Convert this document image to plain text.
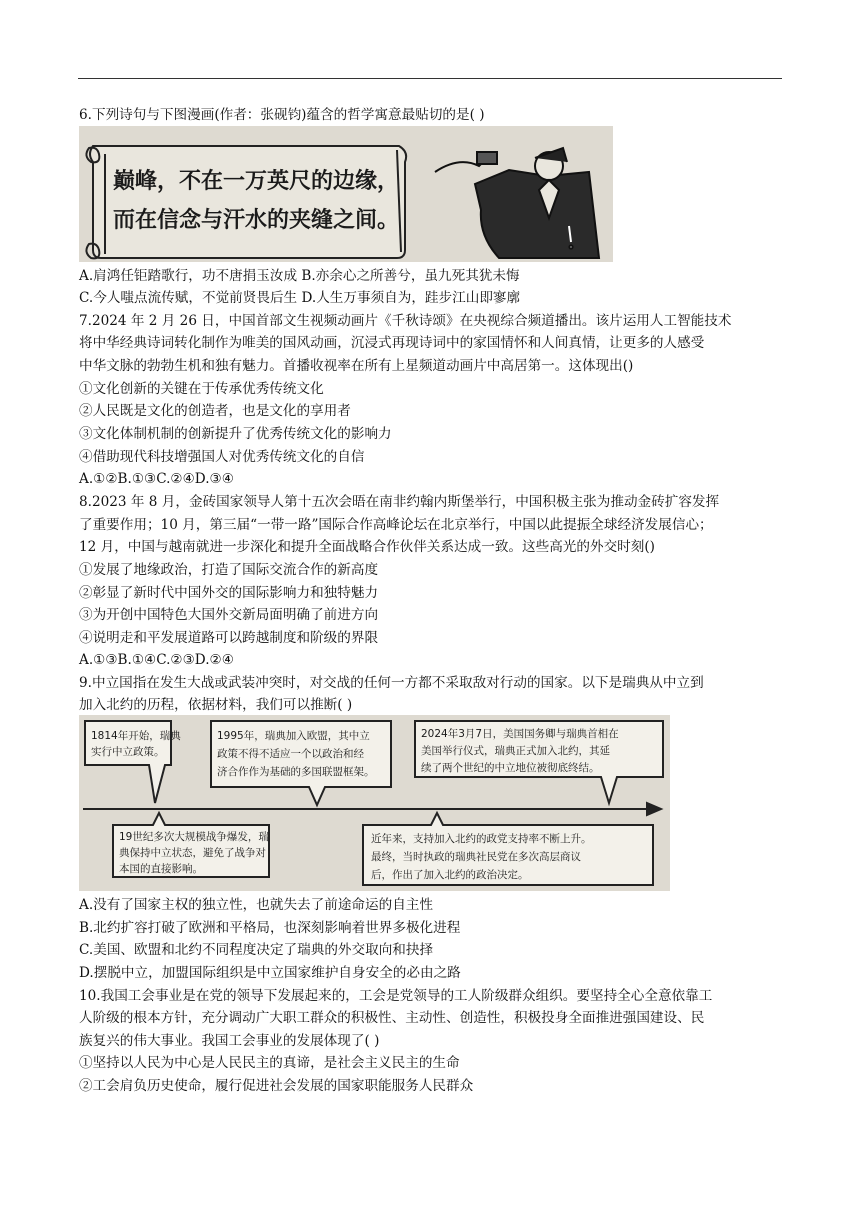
6.下列诗句与下图漫画(作者：张砚钧)蕴含的哲学寓意最贴切的是( )
巅峰，不在一万英尺的边缘，
而在信念与汗水的夹缝之间。
A.肩鸿任钜踏歌行，功不唐捐玉汝成 B.亦余心之所善兮，虽九死其犹未悔
C.今人嗤点流传赋，不觉前贤畏后生 D.人生万事须自为，跬步江山即寥廓
7.2024 年 2 月 26 日，中国首部文生视频动画片《千秋诗颂》在央视综合频道播出。该片运用人工智能技术
将中华经典诗词转化制作为唯美的国风动画，沉浸式再现诗词中的家国情怀和人间真情，让更多的人感受
中华文脉的勃勃生机和独有魅力。首播收视率在所有上星频道动画片中高居第一。这体现出()
①文化创新的关键在于传承优秀传统文化
②人民既是文化的创造者，也是文化的享用者
③文化体制机制的创新提升了优秀传统文化的影响力
④借助现代科技增强国人对优秀传统文化的自信
A.①②B.①③C.②④D.③④
8.2023 年 8 月，金砖国家领导人第十五次会晤在南非约翰内斯堡举行，中国积极主张为推动金砖扩容发挥
了重要作用；10 月，第三届“一带一路”国际合作高峰论坛在北京举行，中国以此提振全球经济发展信心；
12 月，中国与越南就进一步深化和提升全面战略合作伙伴关系达成一致。这些高光的外交时刻()
①发展了地缘政治，打造了国际交流合作的新高度
②彰显了新时代中国外交的国际影响力和独特魅力
③为开创中国特色大国外交新局面明确了前进方向
④说明走和平发展道路可以跨越制度和阶级的界限
A.①③B.①④C.②③D.②④
9.中立国指在发生大战或武装冲突时，对交战的任何一方都不采取敌对行动的国家。以下是瑞典从中立到
加入北约的历程，依据材料，我们可以推断( )
1814年开始，瑞典
实行中立政策。
1995年，瑞典加入欧盟，其中立
政策不得不适应一个以政治和经
济合作作为基础的多国联盟框架。
2024年3月7日，美国国务卿与瑞典首相在
美国举行仪式，瑞典正式加入北约，其延
续了两个世纪的中立地位被彻底终结。
19世纪多次大规模战争爆发，瑞
典保持中立状态，避免了战争对
本国的直接影响。
近年来，支持加入北约的政党支持率不断上升。
最终，当时执政的瑞典社民党在多次高层商议
后，作出了加入北约的政治决定。
A.没有了国家主权的独立性，也就失去了前途命运的自主性
B.北约扩容打破了欧洲和平格局，也深刻影响着世界多极化进程
C.美国、欧盟和北约不同程度决定了瑞典的外交取向和抉择
D.摆脱中立，加盟国际组织是中立国家维护自身安全的必由之路
10.我国工会事业是在党的领导下发展起来的，工会是党领导的工人阶级群众组织。要坚持全心全意依靠工
人阶级的根本方针，充分调动广大职工群众的积极性、主动性、创造性，积极投身全面推进强国建设、民
族复兴的伟大事业。我国工会事业的发展体现了( )
①坚持以人民为中心是人民民主的真谛，是社会主义民主的生命
②工会肩负历史使命，履行促进社会发展的国家职能服务人民群众
